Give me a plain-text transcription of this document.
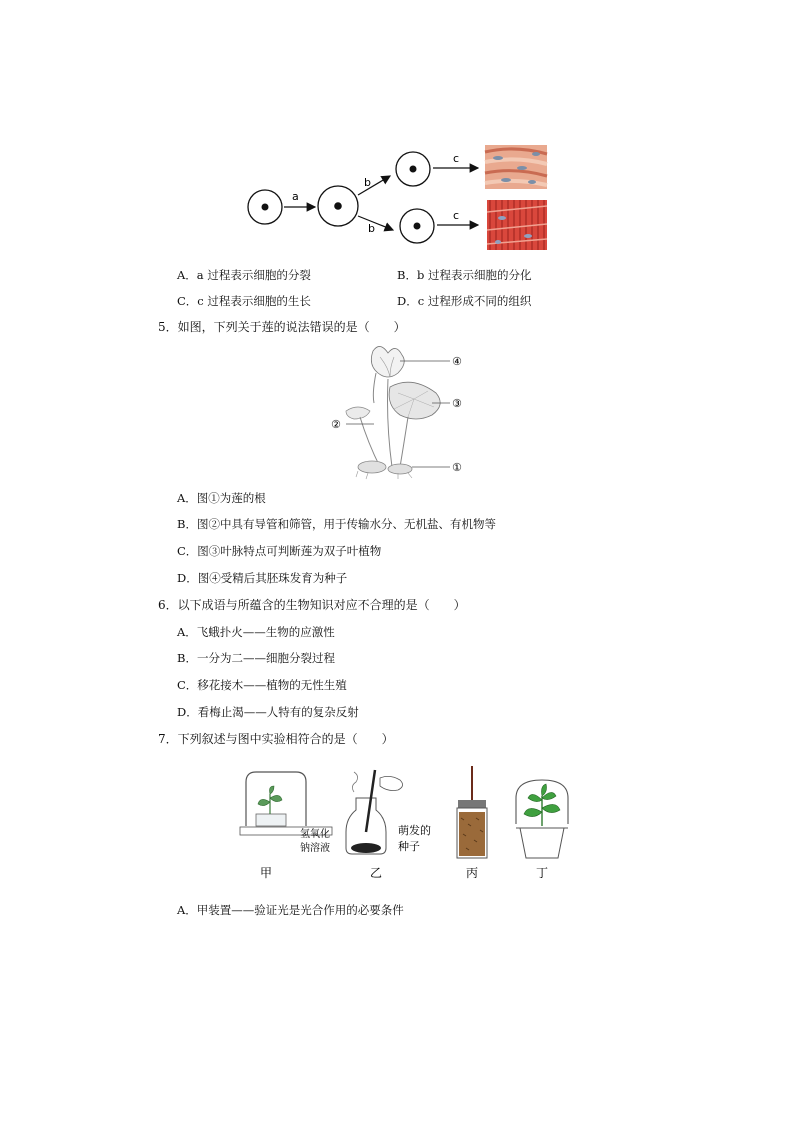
a
b
b
c
c
A．a 过程表示细胞的分裂	B．b 过程表示细胞的分化
C．c 过程表示细胞的生长	D．c 过程形成不同的组织
5．如图，下列关于莲的说法错误的是（　　）
④
③
②
①
A．图①为莲的根
B．图②中具有导管和筛管，用于传输水分、无机盐、有机物等
C．图③叶脉特点可判断莲为双子叶植物
D．图④受精后其胚珠发育为种子
6．以下成语与所蕴含的生物知识对应不合理的是（　　）
A．飞蛾扑火——生物的应激性
B．一分为二——细胞分裂过程
C．移花接木——植物的无性生殖
D．看梅止渴——人特有的复杂反射
7．下列叙述与图中实验相符合的是（　　）
氢氧化
钠溶液
甲
萌发的
种子
乙	丙	丁
A．甲装置——验证光是光合作用的必要条件
